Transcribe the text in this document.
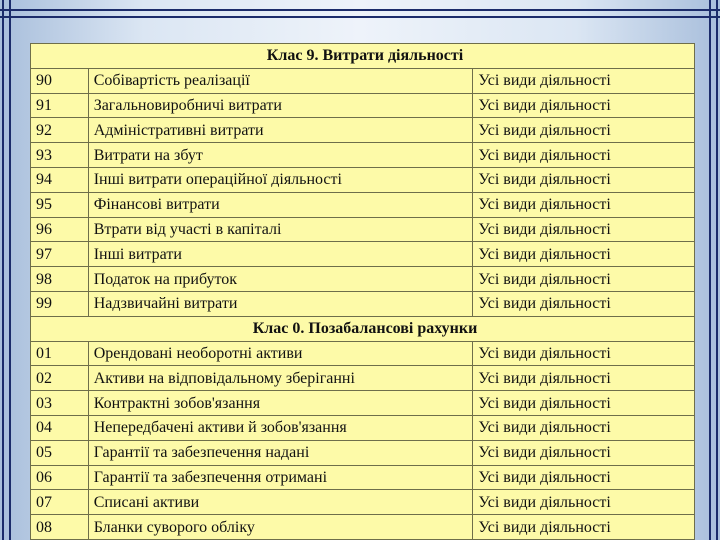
Клас 9. Витрати діяльності		
90	Собівартість реалізації	Усі види діяльності
91	Загальновиробничі витрати	Усі види діяльності
92	Адміністративні витрати	Усі види діяльності
93	Витрати на збут	Усі види діяльності
94	Інші витрати операційної діяльності	Усі види діяльності
95	Фінансові витрати	Усі види діяльності
96	Втрати від участі в капіталі	Усі види діяльності
97	Інші витрати	Усі види діяльності
98	Податок на прибуток	Усі види діяльності
99	Надзвичайні витрати	Усі види діяльності
Клас 0. Позабалансові рахунки		
01	Орендовані необоротні активи	Усі види діяльності
02	Активи на відповідальному зберіганні	Усі види діяльності
03	Контрактні зобов'язання	Усі види діяльності
04	Непередбачені активи й зобов'язання	Усі види діяльності
05	Гарантії та забезпечення надані	Усі види діяльності
06	Гарантії та забезпечення отримані	Усі види діяльності
07	Списані активи	Усі види діяльності
08	Бланки суворого обліку	Усі види діяльності
